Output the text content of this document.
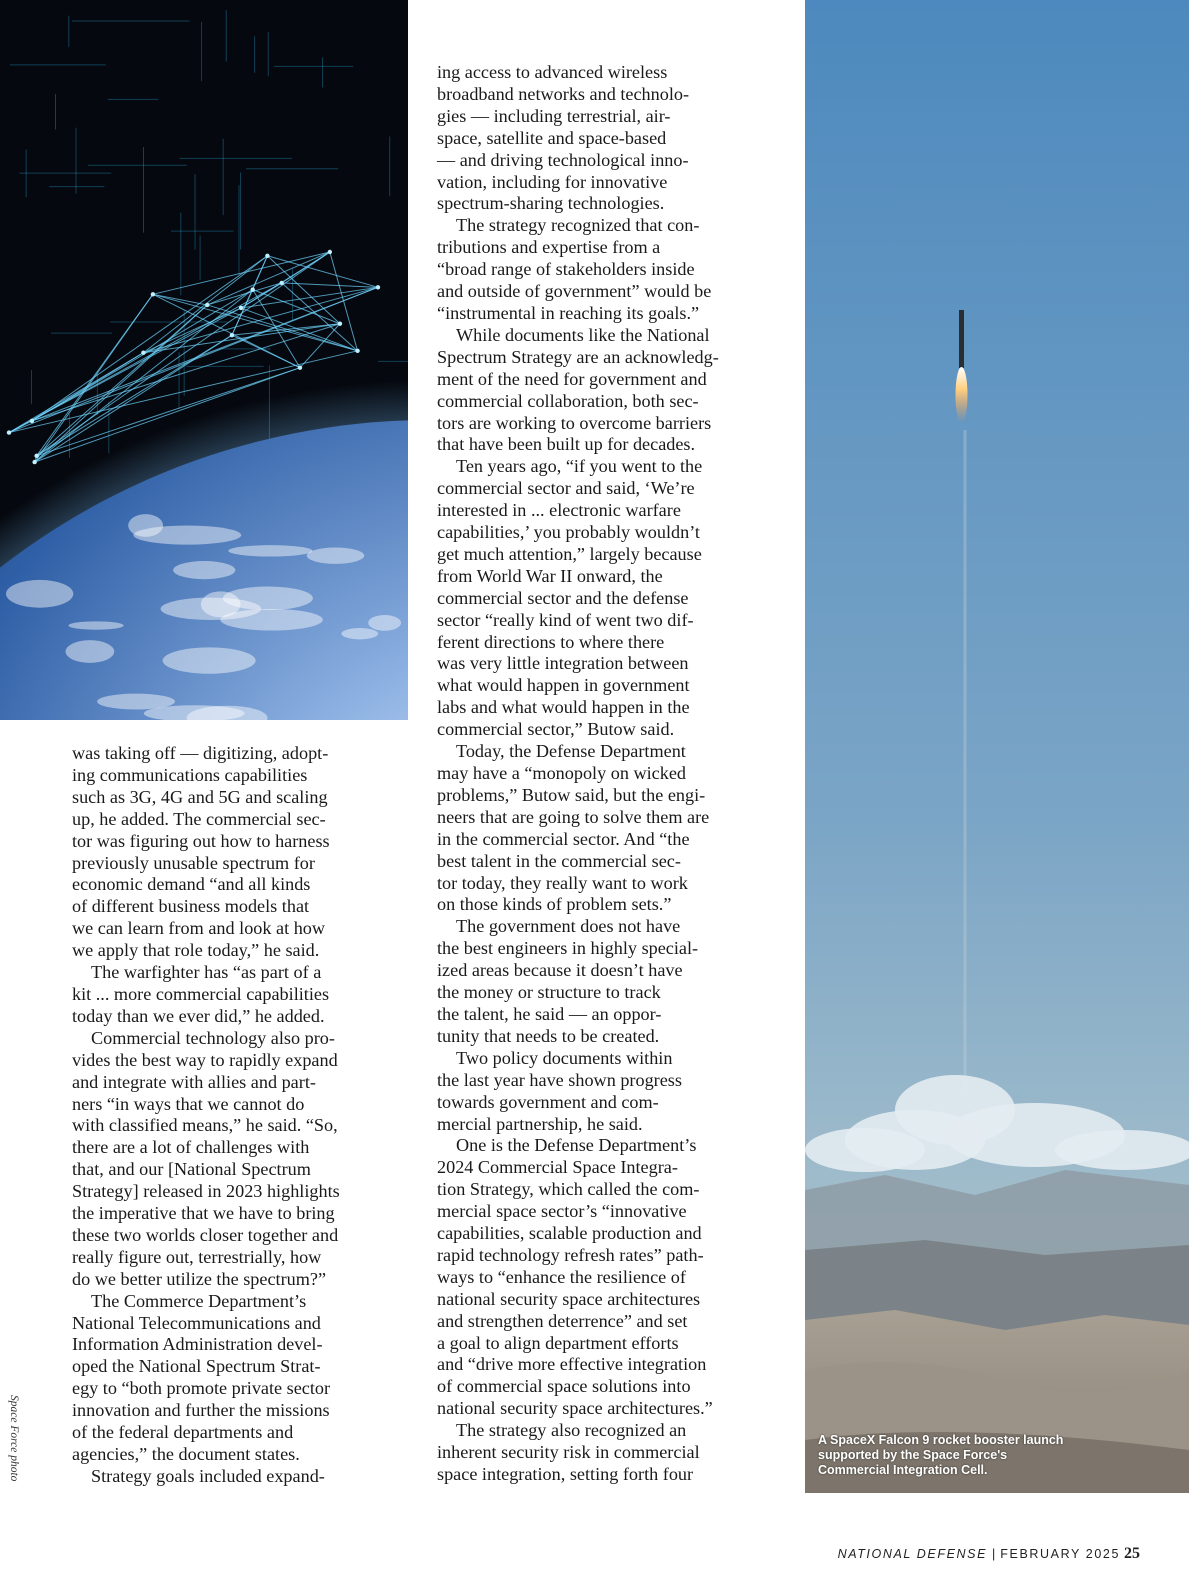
A SpaceX Falcon 9 rocket booster launch supported by the Space Force's Commercial Integration Cell.
Space Force photo
was taking off — digitizing, adopt-
ing communications capabilities
such as 3G, 4G and 5G and scaling
up, he added. The commercial sec-
tor was figuring out how to harness
previously unusable spectrum for
economic demand “and all kinds
of different business models that
we can learn from and look at how
we apply that role today,” he said.
The warfighter has “as part of a
kit ... more commercial capabilities
today than we ever did,” he added.
Commercial technology also pro-
vides the best way to rapidly expand
and integrate with allies and part-
ners “in ways that we cannot do
with classified means,” he said. “So,
there are a lot of challenges with
that, and our [National Spectrum
Strategy] released in 2023 highlights
the imperative that we have to bring
these two worlds closer together and
really figure out, terrestrially, how
do we better utilize the spectrum?”
The Commerce Department’s
National Telecommunications and
Information Administration devel-
oped the National Spectrum Strat-
egy to “both promote private sector
innovation and further the missions
of the federal departments and
agencies,” the document states.
Strategy goals included expand-
ing access to advanced wireless
broadband networks and technolo-
gies — including terrestrial, air-
space, satellite and space-based
— and driving technological inno-
vation, including for innovative
spectrum-sharing technologies.
The strategy recognized that con-
tributions and expertise from a
“broad range of stakeholders inside
and outside of government” would be
“instrumental in reaching its goals.”
While documents like the National
Spectrum Strategy are an acknowledg-
ment of the need for government and
commercial collaboration, both sec-
tors are working to overcome barriers
that have been built up for decades.
Ten years ago, “if you went to the
commercial sector and said, ‘We’re
interested in ... electronic warfare
capabilities,’ you probably wouldn’t
get much attention,” largely because
from World War II onward, the
commercial sector and the defense
sector “really kind of went two dif-
ferent directions to where there
was very little integration between
what would happen in government
labs and what would happen in the
commercial sector,” Butow said.
Today, the Defense Department
may have a “monopoly on wicked
problems,” Butow said, but the engi-
neers that are going to solve them are
in the commercial sector. And “the
best talent in the commercial sec-
tor today, they really want to work
on those kinds of problem sets.”
The government does not have
the best engineers in highly special-
ized areas because it doesn’t have
the money or structure to track
the talent, he said — an oppor-
tunity that needs to be created.
Two policy documents within
the last year have shown progress
towards government and com-
mercial partnership, he said.
One is the Defense Department’s
2024 Commercial Space Integra-
tion Strategy, which called the com-
mercial space sector’s “innovative
capabilities, scalable production and
rapid technology refresh rates” path-
ways to “enhance the resilience of
national security space architectures
and strengthen deterrence” and set
a goal to align department efforts
and “drive more effective integration
of commercial space solutions into
national security space architectures.”
The strategy also recognized an
inherent security risk in commercial
space integration, setting forth four
NATIONAL DEFENSE | FEBRUARY 2025 25
